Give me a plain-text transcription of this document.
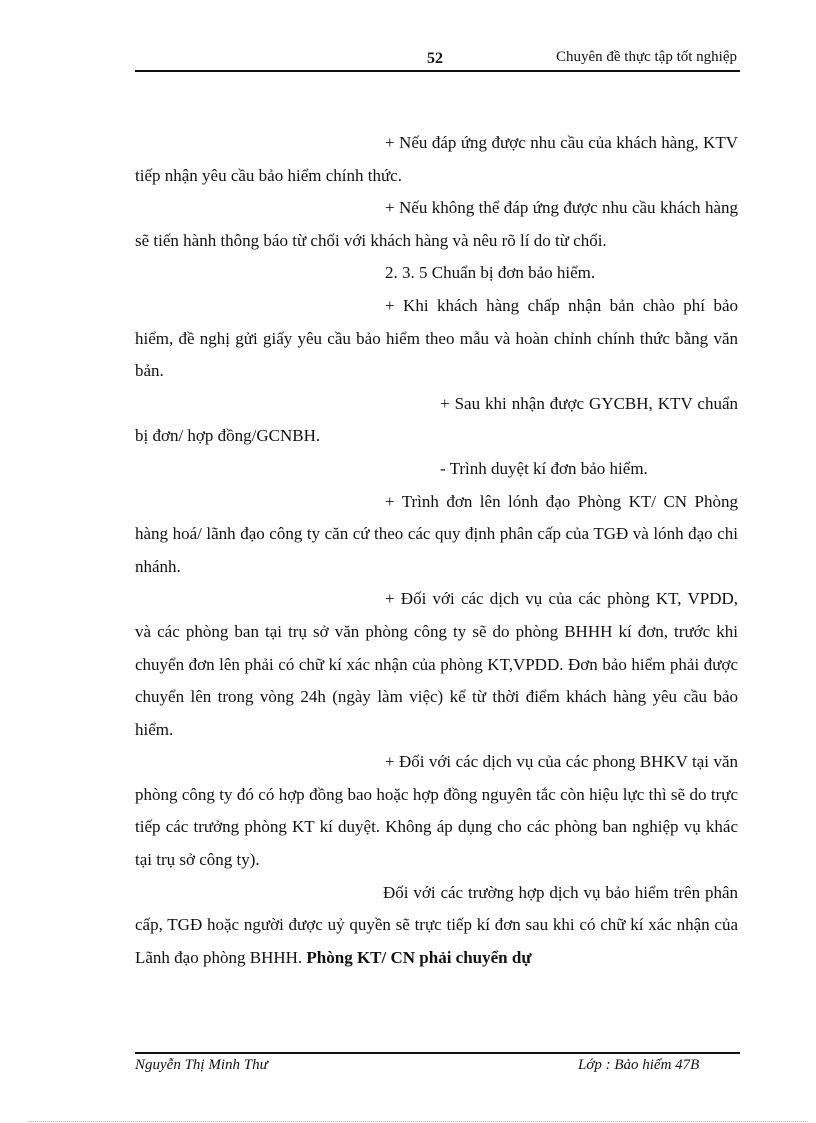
52	Chuyên đề thực tập tốt nghiệp

+ Nếu đáp ứng được nhu cầu của khách hàng, KTV tiếp nhận yêu cầu bảo hiểm chính thức.

+ Nếu không thể đáp ứng được nhu cầu khách hàng sẽ tiến hành thông báo từ chối với khách hàng và nêu rõ lí do từ chối.

2. 3. 5 Chuẩn bị đơn bảo hiểm.

+ Khi khách hàng chấp nhận bản chào phí bảo hiểm, đề nghị gửi giấy yêu cầu bảo hiểm theo mẫu và hoàn chỉnh chính thức bằng văn bản.

+ Sau khi nhận được GYCBH, KTV chuẩn bị đơn/ hợp đồng/GCNBH.

- Trình duyệt kí đơn bảo hiểm.

+ Trình đơn lên lónh đạo Phòng KT/ CN Phòng hàng hoá/ lãnh đạo công ty căn cứ theo các quy định phân cấp của TGĐ và lónh đạo chi nhánh.

+ Đối với các dịch vụ của các phòng KT, VPDD, và các phòng ban tại trụ sở văn phòng công ty sẽ do phòng BHHH kí đơn, trước khi chuyển đơn lên phải có chữ kí xác nhận của phòng KT,VPDD. Đơn bảo hiểm phải được chuyển lên trong vòng 24h (ngày làm việc) kể từ thời điểm khách hàng yêu cầu bảo hiểm.

+ Đối với các dịch vụ của các phong BHKV tại văn phòng công ty đó có hợp đồng bao hoặc hợp đồng nguyên tắc còn hiệu lực thì sẽ do trực tiếp các trưởng phòng KT kí duyệt. Không áp dụng cho các phòng ban nghiệp vụ khác tại trụ sở công ty).

Đối với các trường hợp dịch vụ bảo hiểm trên phân cấp, TGĐ hoặc người được uỷ quyền sẽ trực tiếp kí đơn sau khi có chữ kí xác nhận của Lãnh đạo phòng BHHH. Phòng KT/ CN phải chuyển dự

Nguyễn Thị Minh Thư	Lớp : Bảo hiểm 47B
